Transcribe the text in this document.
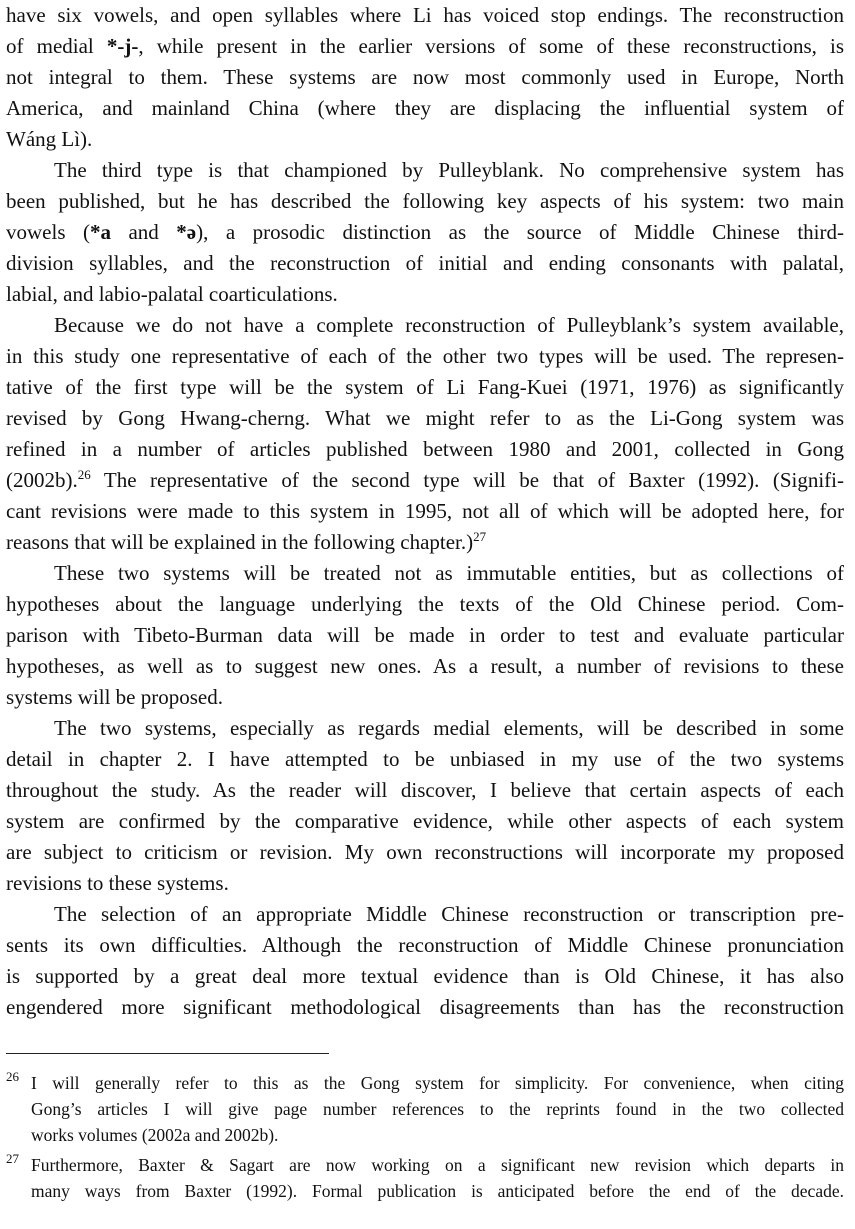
have six vowels, and open syllables where Li has voiced stop endings. The reconstruction
of medial *-j-, while present in the earlier versions of some of these reconstructions, is
not integral to them. These systems are now most commonly used in Europe, North
America, and mainland China (where they are displacing the influential system of
Wáng Lì).
The third type is that championed by Pulleyblank. No comprehensive system has
been published, but he has described the following key aspects of his system: two main
vowels (*a and *ə), a prosodic distinction as the source of Middle Chinese third-
division syllables, and the reconstruction of initial and ending consonants with palatal,
labial, and labio-palatal coarticulations.
Because we do not have a complete reconstruction of Pulleyblank’s system available,
in this study one representative of each of the other two types will be used. The represen-
tative of the first type will be the system of Li Fang-Kuei (1971, 1976) as significantly
revised by Gong Hwang-cherng. What we might refer to as the Li-Gong system was
refined in a number of articles published between 1980 and 2001, collected in Gong
(2002b).$^{26}$ The representative of the second type will be that of Baxter (1992). (Signifi-
cant revisions were made to this system in 1995, not all of which will be adopted here, for
reasons that will be explained in the following chapter.)$^{27}$
These two systems will be treated not as immutable entities, but as collections of
hypotheses about the language underlying the texts of the Old Chinese period. Com-
parison with Tibeto-Burman data will be made in order to test and evaluate particular
hypotheses, as well as to suggest new ones. As a result, a number of revisions to these
systems will be proposed.
The two systems, especially as regards medial elements, will be described in some
detail in chapter 2. I have attempted to be unbiased in my use of the two systems
throughout the study. As the reader will discover, I believe that certain aspects of each
system are confirmed by the comparative evidence, while other aspects of each system
are subject to criticism or revision. My own reconstructions will incorporate my proposed
revisions to these systems.
The selection of an appropriate Middle Chinese reconstruction or transcription pre-
sents its own difficulties. Although the reconstruction of Middle Chinese pronunciation
is supported by a great deal more textual evidence than is Old Chinese, it has also
engendered more significant methodological disagreements than has the reconstruction
26 I will generally refer to this as the Gong system for simplicity. For convenience, when citing
Gong’s articles I will give page number references to the reprints found in the two collected
works volumes (2002a and 2002b).
27 Furthermore, Baxter & Sagart are now working on a significant new revision which departs in
many ways from Baxter (1992). Formal publication is anticipated before the end of the decade.
